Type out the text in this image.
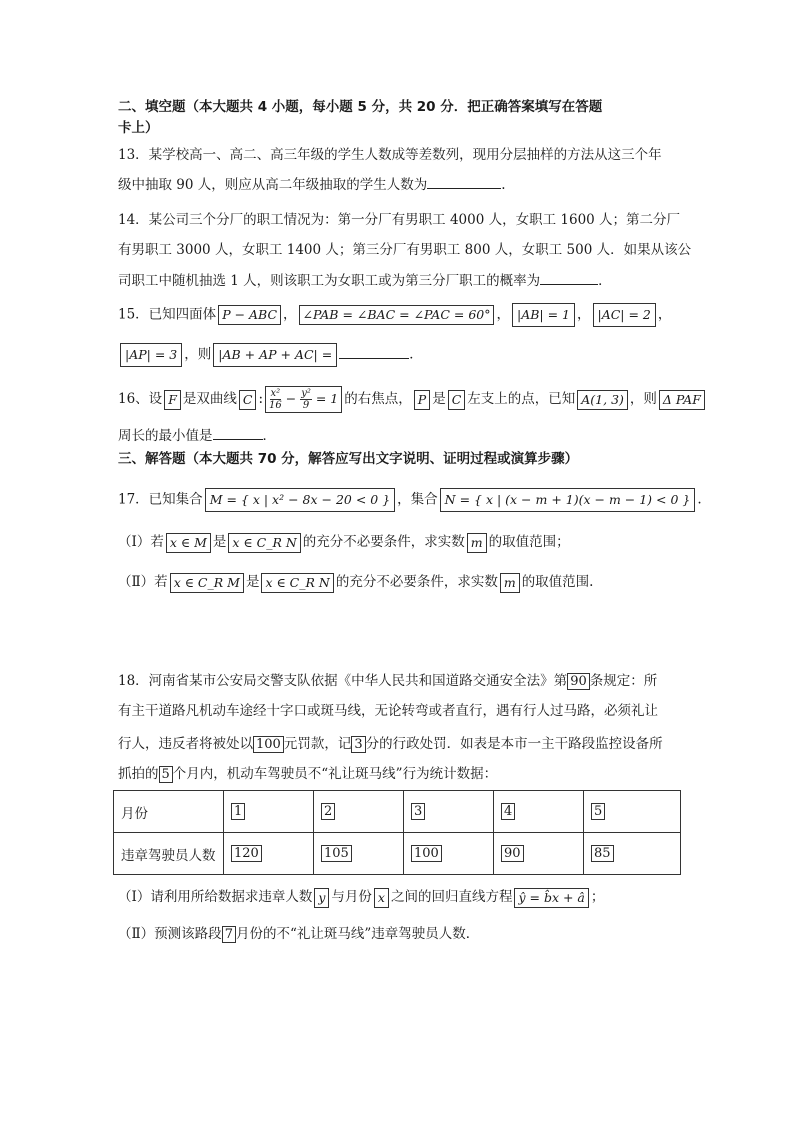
二、填空题（本大题共 4 小题，每小题 5 分，共 20 分．把正确答案填写在答题
卡上）
13．某学校高一、高二、高三年级的学生人数成等差数列，现用分层抽样的方法从这三个年
级中抽取 90 人，则应从高二年级抽取的学生人数为	.
14．某公司三个分厂的职工情况为：第一分厂有男职工 4000 人，女职工 1600 人；第二分厂
有男职工 3000 人，女职工 1400 人；第三分厂有男职工 800 人，女职工 500 人．如果从该公
司职工中随机抽选 1 人，则该职工为女职工或为第三分厂职工的概率为	．
15．已知四面体 P − ABC ， ∠PAB = ∠BAC = ∠PAC = 60° ， |AB| = 1 ， |AC| = 2 ，
|AP| = 3 ，则 |AB + AP + AC| =	．
16、设 F 是双曲线 C : $\frac{\text{x²}}{16} - \frac{\text{y²}}{9} = 1$ 的右焦点， P 是 C 左支上的点，已知 A(1, 3) ，则 Δ PAF
周长的最小值是	．
三、解答题（本大题共 70 分，解答应写出文字说明、证明过程或演算步骤）
17．已知集合 M = { x | x² − 8x − 20 < 0 } ，集合 N = { x | (x − m + 1)(x − m − 1) < 0 } .
（Ⅰ）若 x ∈ M 是 x ∈ C_R N 的充分不必要条件，求实数 m 的取值范围；
（Ⅱ）若 x ∈ C_R M 是 x ∈ C_R N 的充分不必要条件，求实数 m 的取值范围.
18．河南省某市公安局交警支队依据《中华人民共和国道路交通安全法》第 90 条规定：所
有主干道路凡机动车途经十字口或斑马线，无论转弯或者直行，遇有行人过马路，必须礼让
行人，违反者将被处以 100 元罚款，记 3 分的行政处罚．如表是本市一主干路段监控设备所
抓拍的 5 个月内，机动车驾驶员不“礼让斑马线”行为统计数据：
月份	1	2	3	4	5
违章驾驶员人数	120	105	100	90	85
（Ⅰ）请利用所给数据求违章人数 y 与月份 x 之间的回归直线方程 ŷ = b̂x + â ；
（Ⅱ）预测该路段 7 月份的不“礼让斑马线”违章驾驶员人数．
